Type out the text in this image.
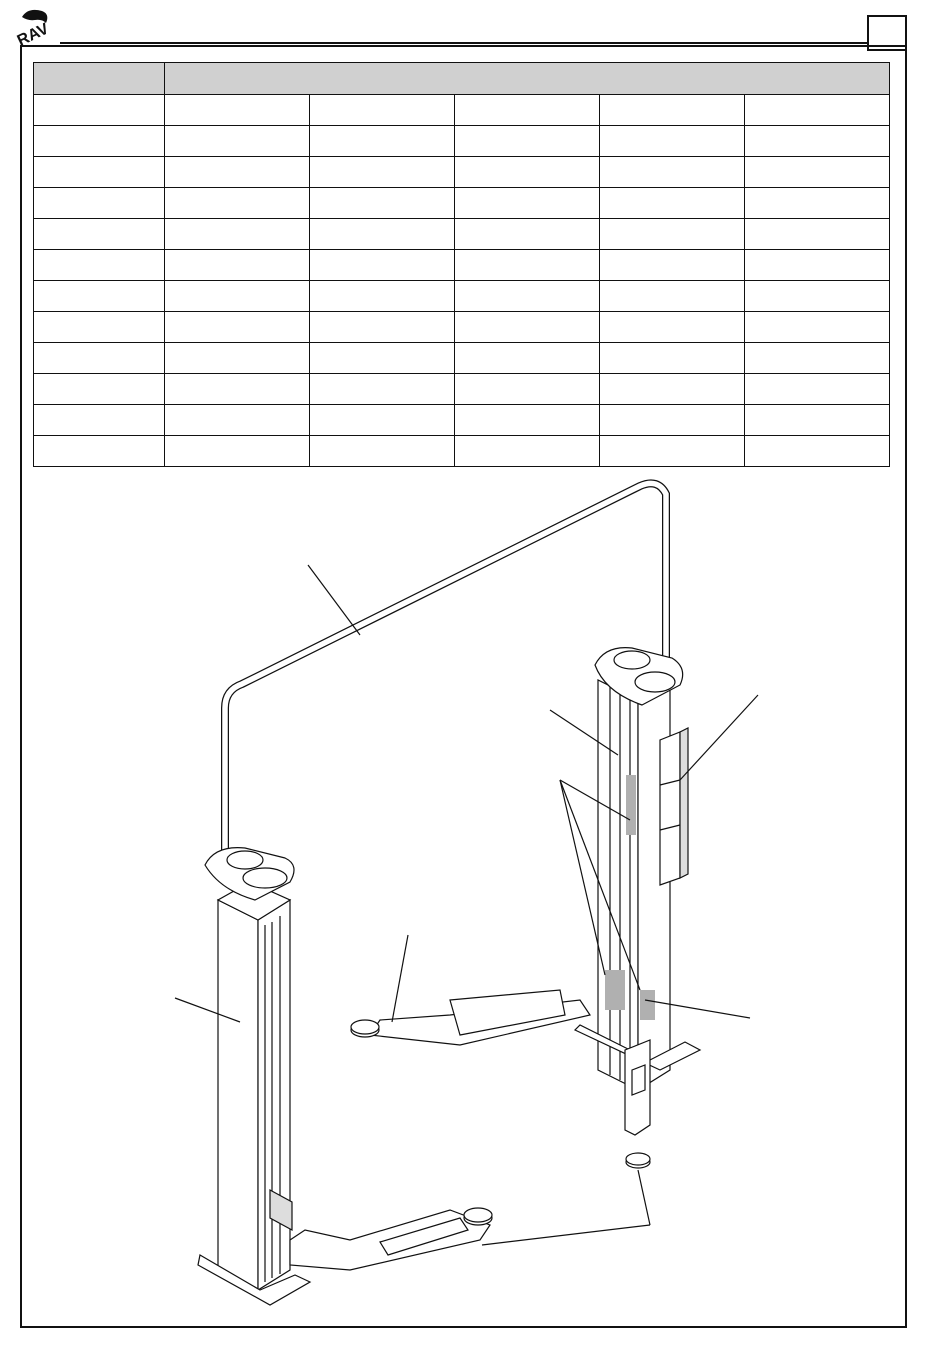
RAV
